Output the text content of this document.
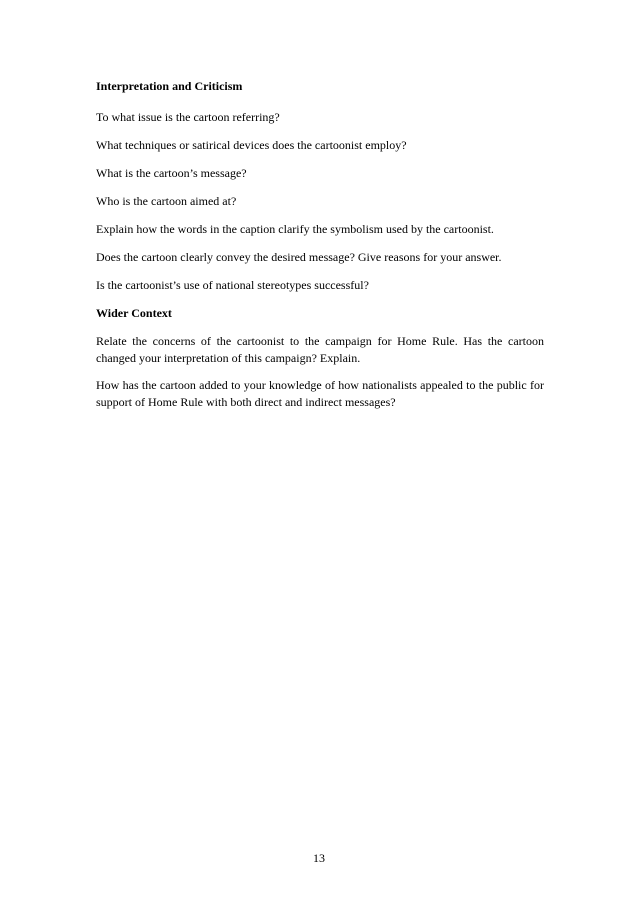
Interpretation and Criticism

To what issue is the cartoon referring?

What techniques or satirical devices does the cartoonist employ?

What is the cartoon’s message?

Who is the cartoon aimed at?

Explain how the words in the caption clarify the symbolism used by the cartoonist.

Does the cartoon clearly convey the desired message? Give reasons for your answer.

Is the cartoonist’s use of national stereotypes successful?

Wider Context

Relate the concerns of the cartoonist to the campaign for Home Rule. Has the cartoon changed your interpretation of this campaign? Explain.

How has the cartoon added to your knowledge of how nationalists appealed to the public for support of Home Rule with both direct and indirect messages?

13
